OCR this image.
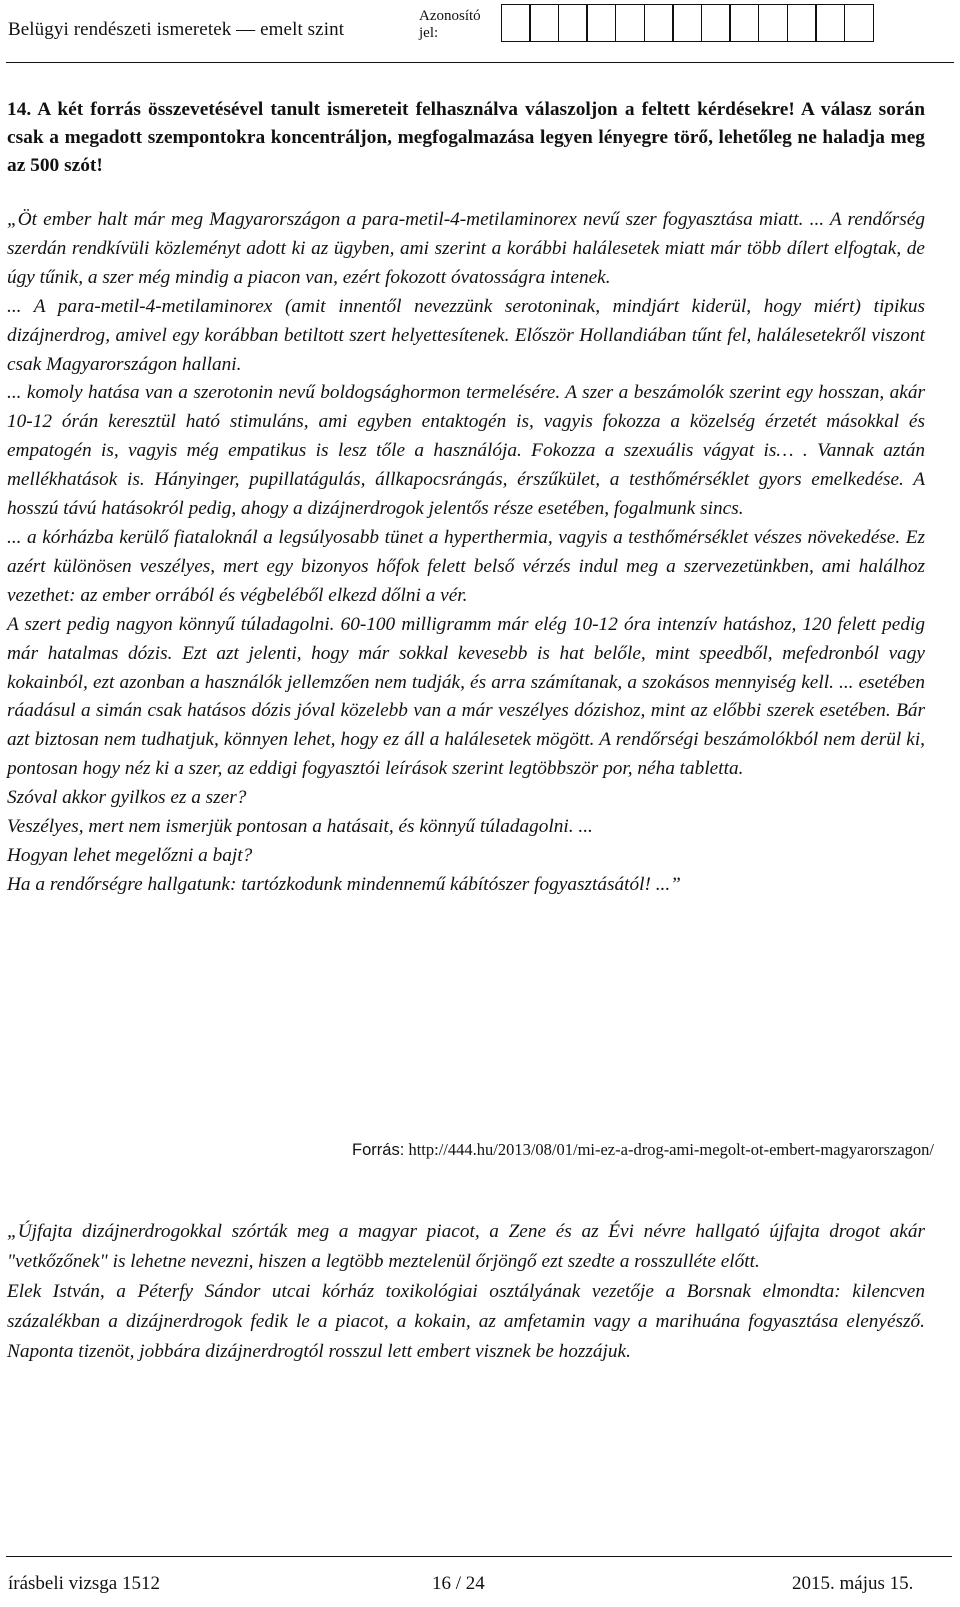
Belügyi rendészeti ismeretek — emelt szint
Azonosító
jel:
14. A két forrás összevetésével tanult ismereteit felhasználva válaszoljon a feltett kérdésekre! A válasz során csak a megadott szempontokra koncentráljon, megfogalmazása legyen lényegre törő, lehetőleg ne haladja meg az 500 szót!

„Öt ember halt már meg Magyarországon a para-metil-4-metilaminorex nevű szer fogyasztása miatt. ... A rendőrség szerdán rendkívüli közleményt adott ki az ügyben, ami szerint a korábbi halálesetek miatt már több dílert elfogtak, de úgy tűnik, a szer még mindig a piacon van, ezért fokozott óvatosságra intenek.

... A para-metil-4-metilaminorex (amit innentől nevezzünk serotoninak, mindjárt kiderül, hogy miért) tipikus dizájnerdrog, amivel egy korábban betiltott szert helyettesítenek. Először Hollandiában tűnt fel, halálesetekről viszont csak Magyarországon hallani.

... komoly hatása van a szerotonin nevű boldogsághormon termelésére. A szer a beszámolók szerint egy hosszan, akár 10-12 órán keresztül ható stimuláns, ami egyben entaktogén is, vagyis fokozza a közelség érzetét másokkal és empatogén is, vagyis még empatikus is lesz tőle a használója. Fokozza a szexuális vágyat is… . Vannak aztán mellékhatások is. Hányinger, pupillatágulás, állkapocsrángás, érszűkület, a testhőmérséklet gyors emelkedése. A hosszú távú hatásokról pedig, ahogy a dizájnerdrogok jelentős része esetében, fogalmunk sincs.

... a kórházba kerülő fiataloknál a legsúlyosabb tünet a hyperthermia, vagyis a testhőmérséklet vészes növekedése. Ez azért különösen veszélyes, mert egy bizonyos hőfok felett belső vérzés indul meg a szervezetünkben, ami halálhoz vezethet: az ember orrából és végbeléből elkezd dőlni a vér.

A szert pedig nagyon könnyű túladagolni. 60-100 milligramm már elég 10-12 óra intenzív hatáshoz, 120 felett pedig már hatalmas dózis. Ezt azt jelenti, hogy már sokkal kevesebb is hat belőle, mint speedből, mefedronból vagy kokainból, ezt azonban a használók jellemzően nem tudják, és arra számítanak, a szokásos mennyiség kell. ... esetében ráadásul a simán csak hatásos dózis jóval közelebb van a már veszélyes dózishoz, mint az előbbi szerek esetében. Bár azt biztosan nem tudhatjuk, könnyen lehet, hogy ez áll a halálesetek mögött. A rendőrségi beszámolókból nem derül ki, pontosan hogy néz ki a szer, az eddigi fogyasztói leírások szerint legtöbbször por, néha tabletta.

Szóval akkor gyilkos ez a szer?

Veszélyes, mert nem ismerjük pontosan a hatásait, és könnyű túladagolni. ...

Hogyan lehet megelőzni a bajt?

Ha a rendőrségre hallgatunk: tartózkodunk mindennemű kábítószer fogyasztásától! ...”

Forrás: http://444.hu/2013/08/01/mi-ez-a-drog-ami-megolt-ot-embert-magyarorszagon/

„Újfajta dizájnerdrogokkal szórták meg a magyar piacot, a Zene és az Évi névre hallgató újfajta drogot akár "vetkőzőnek" is lehetne nevezni, hiszen a legtöbb meztelenül őrjöngő ezt szedte a rosszulléte előtt.

Elek István, a Péterfy Sándor utcai kórház toxikológiai osztályának vezetője a Borsnak elmondta: kilencven százalékban a dizájnerdrogok fedik le a piacot, a kokain, az amfetamin vagy a marihuána fogyasztása elenyésző. Naponta tizenöt, jobbára dizájnerdrogtól rosszul lett embert visznek be hozzájuk.

írásbeli vizsga 1512	16 / 24	2015. május 15.
